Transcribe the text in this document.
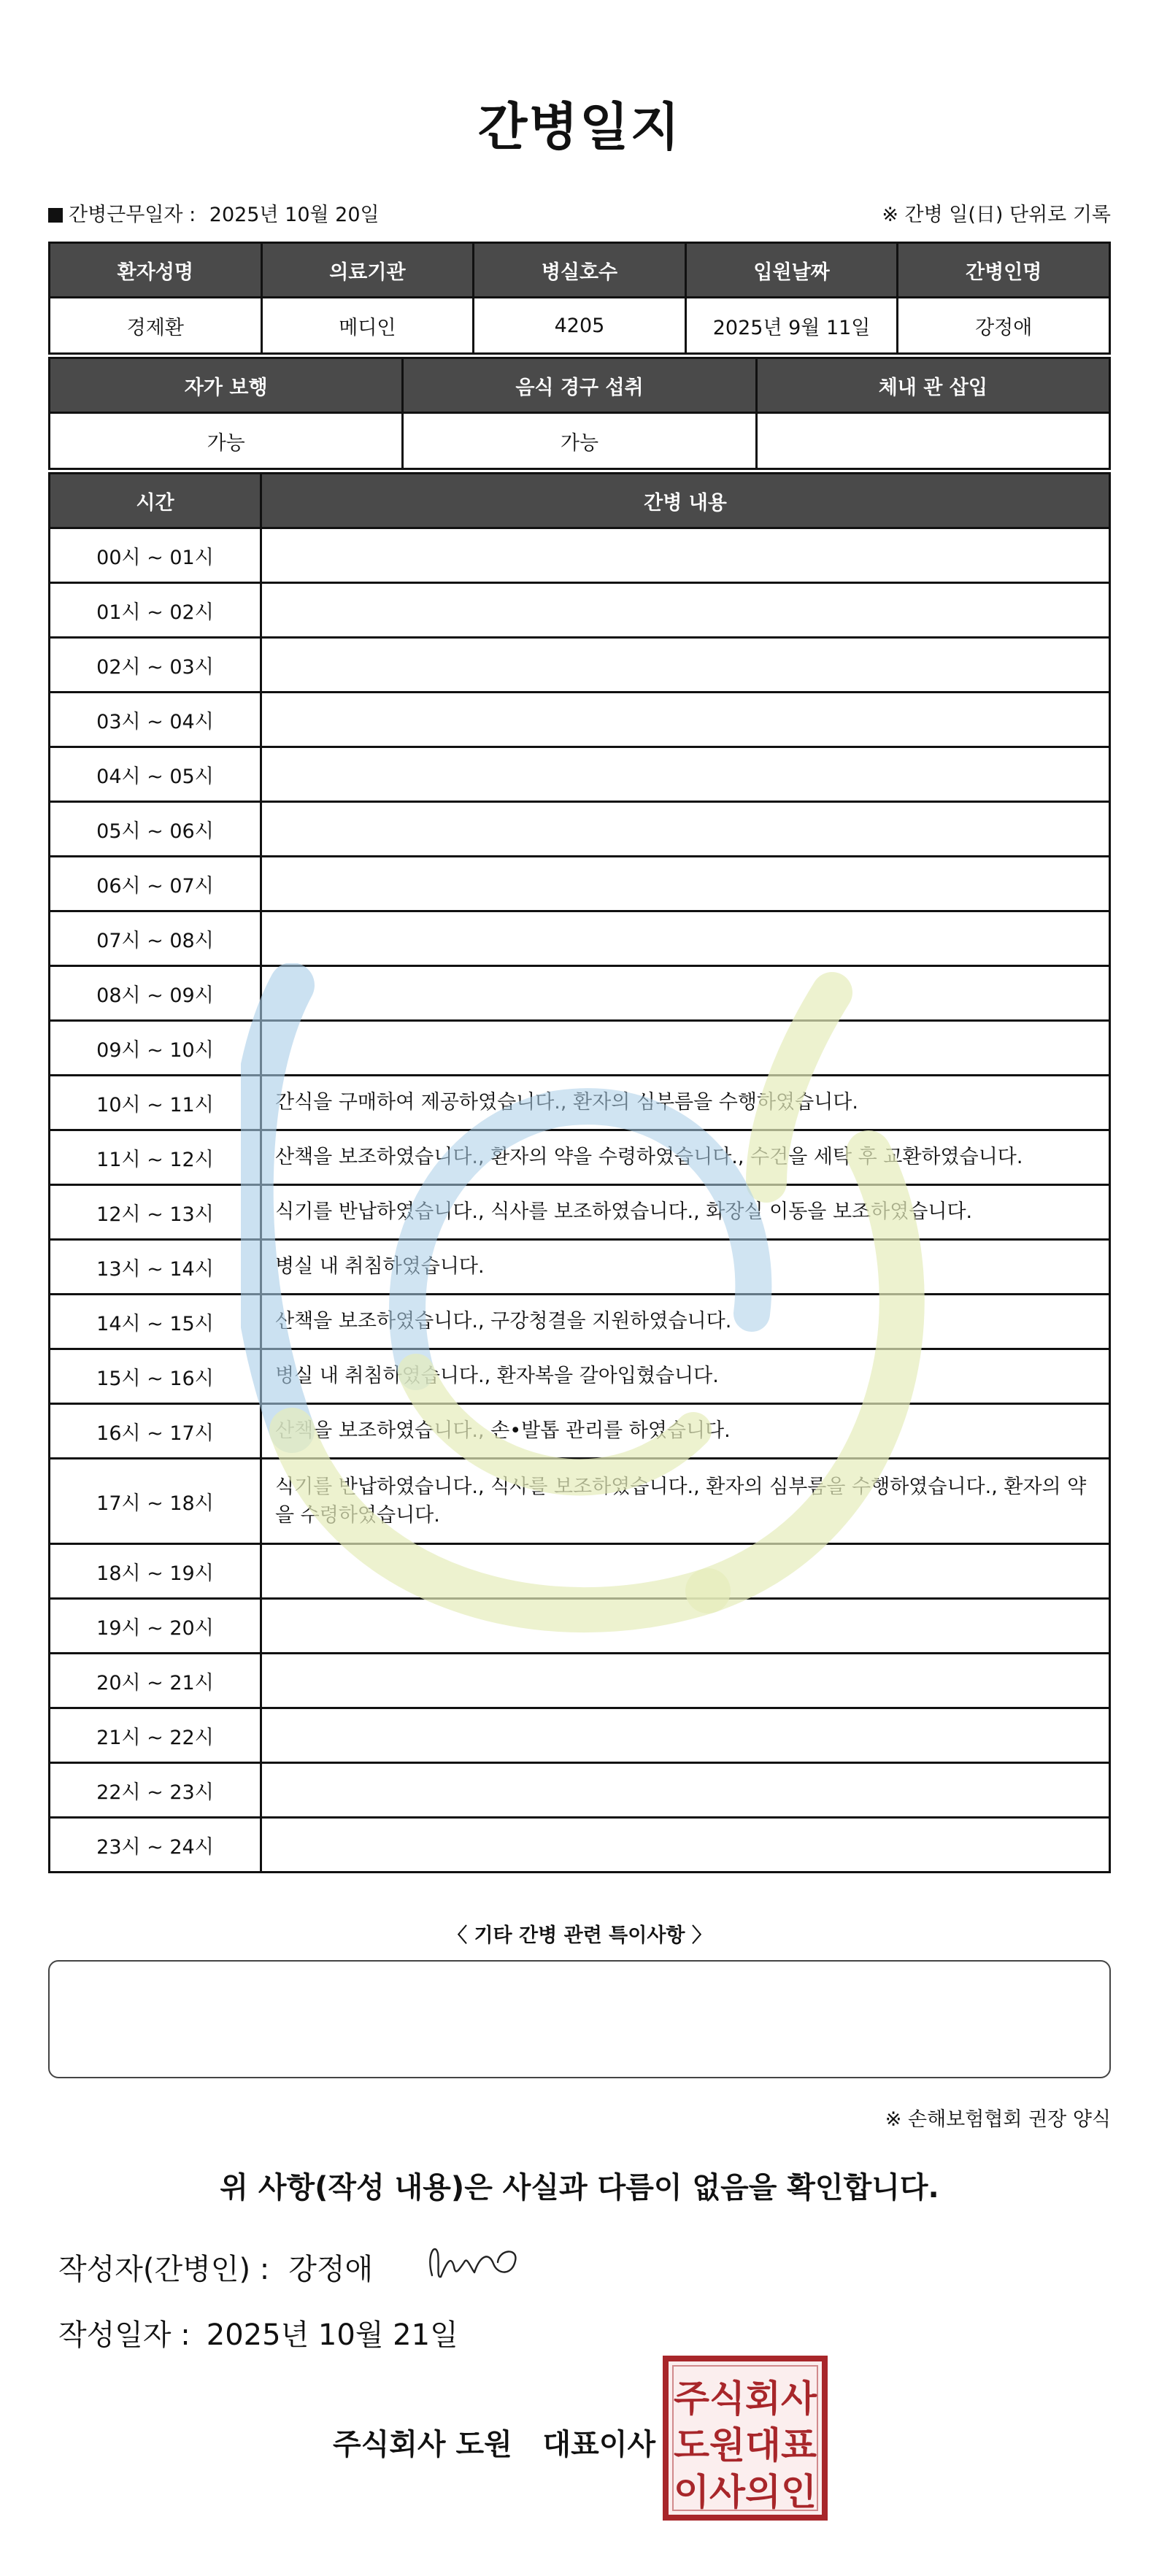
간병일지
간병근무일자 : 2025년 10월 20일	※ 간병 일(日) 단위로 기록
환자성명	의료기관	병실호수	입원날짜	간병인명
경제환	메디인	4205	2025년 9월 11일	강정애
자가 보행	음식 경구 섭취	체내 관 삽입
가능	가능	
시간	간병 내용
00시 ~ 01시	
01시 ~ 02시	
02시 ~ 03시	
03시 ~ 04시	
04시 ~ 05시	
05시 ~ 06시	
06시 ~ 07시	
07시 ~ 08시	
08시 ~ 09시	
09시 ~ 10시	
10시 ~ 11시	간식을 구매하여 제공하였습니다., 환자의 심부름을 수행하였습니다.
11시 ~ 12시	산책을 보조하였습니다., 환자의 약을 수령하였습니다., 수건을 세탁 후 교환하였습니다.
12시 ~ 13시	식기를 반납하였습니다., 식사를 보조하였습니다., 화장실 이동을 보조하였습니다.
13시 ~ 14시	병실 내 취침하였습니다.
14시 ~ 15시	산책을 보조하였습니다., 구강청결을 지원하였습니다.
15시 ~ 16시	병실 내 취침하였습니다., 환자복을 갈아입혔습니다.
16시 ~ 17시	산책을 보조하였습니다., 손•발톱 관리를 하였습니다.
17시 ~ 18시	식기를 반납하였습니다., 식사를 보조하였습니다., 환자의 심부름을 수행하였습니다., 환자의 약을 수령하였습니다.
18시 ~ 19시	
19시 ~ 20시	
20시 ~ 21시	
21시 ~ 22시	
22시 ~ 23시	
23시 ~ 24시	
〈 기타 간병 관련 특이사항 〉
※ 손해보험협회 권장 양식
위 사항(작성 내용)은 사실과 다름이 없음을 확인합니다.
작성자(간병인) : 강정애
작성일자 : 2025년 10월 21일
주식회사 도원   대표이사
주식회사
도원대표
이사의인
